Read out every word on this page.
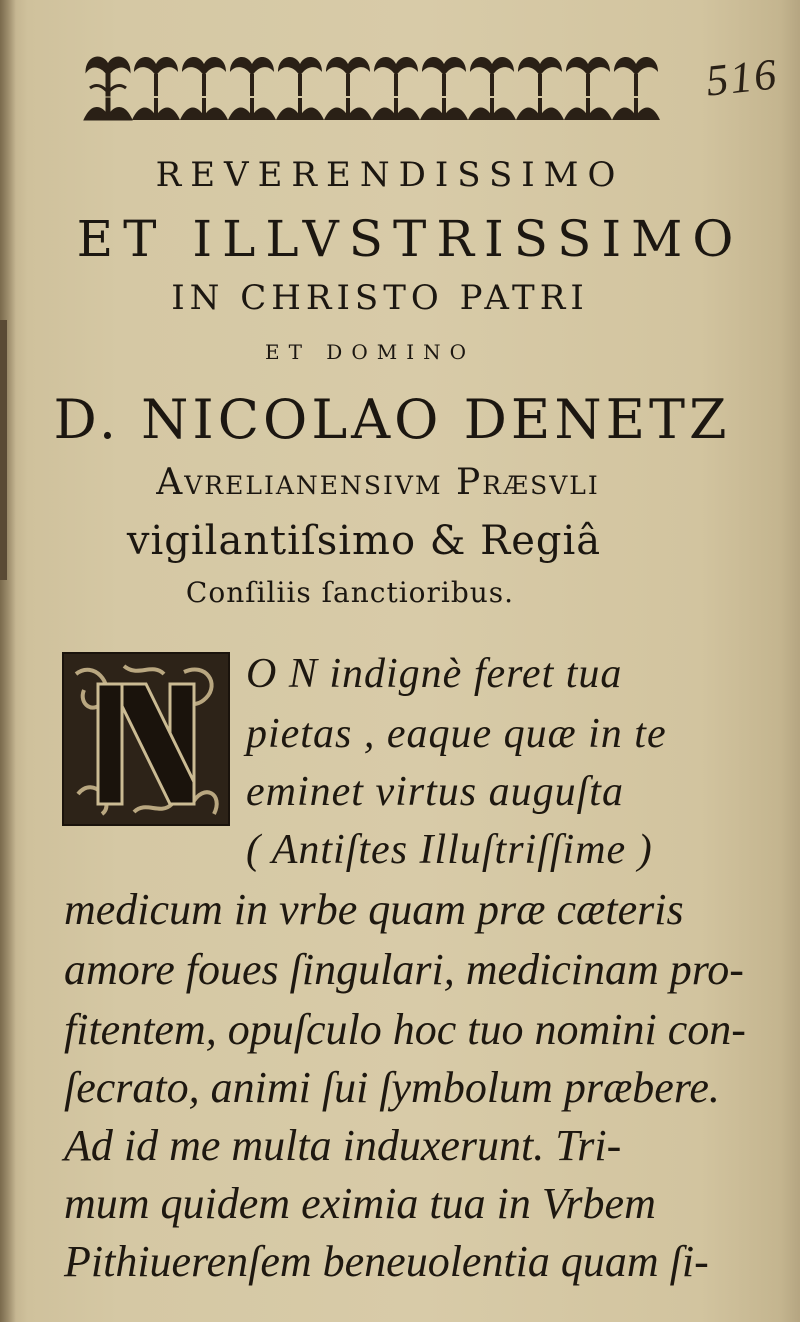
516
REVERENDISSIMO
ET ILLVSTRISSIMO
IN CHRISTO PATRI
ET DOMINO
D. NICOLAO DENETZ
Avrelianensivm Præsvli
vigilantiſsimo & Regiâ
Conſiliis ſanctioribus.
O N indignè feret tua
pietas , eaque quæ in te
eminet virtus auguſta
( Antiſtes Illuſtriſſime )
medicum in vrbe quam præ cæteris
amore foues ſingulari, medicinam pro-
fitentem, opuſculo hoc tuo nomini con-
ſecrato, animi ſui ſymbolum præbere.
Ad id me multa induxerunt. Tri-
mum quidem eximia tua in Vrbem
Pithiuerenſem beneuolentia quam ſi-
